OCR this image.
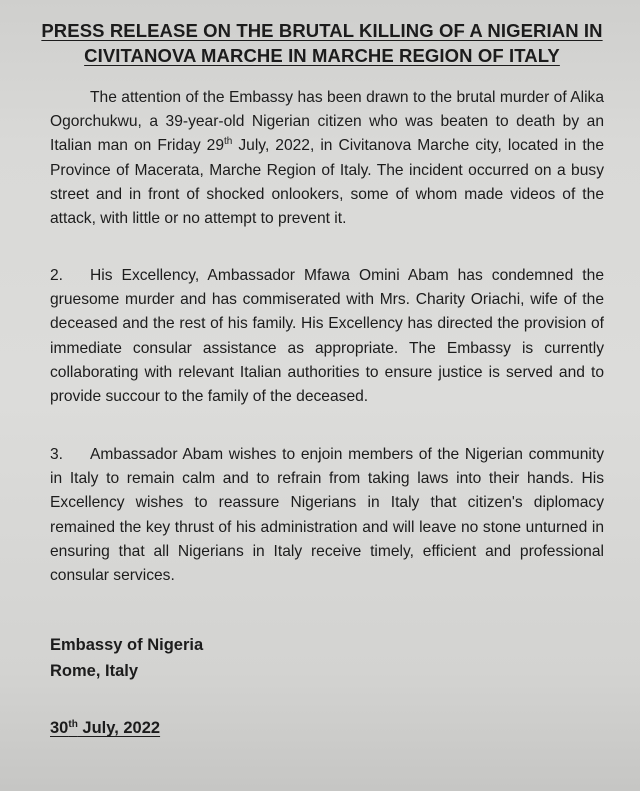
PRESS RELEASE ON THE BRUTAL KILLING OF A NIGERIAN IN
CIVITANOVA MARCHE IN MARCHE REGION OF ITALY

The attention of the Embassy has been drawn to the brutal murder of Alika Ogorchukwu, a 39-year-old Nigerian citizen who was beaten to death by an Italian man on Friday 29th July, 2022, in Civitanova Marche city, located in the Province of Macerata, Marche Region of Italy. The incident occurred on a busy street and in front of shocked onlookers, some of whom made videos of the attack, with little or no attempt to prevent it.

2. His Excellency, Ambassador Mfawa Omini Abam has condemned the gruesome murder and has commiserated with Mrs. Charity Oriachi, wife of the deceased and the rest of his family. His Excellency has directed the provision of immediate consular assistance as appropriate. The Embassy is currently collaborating with relevant Italian authorities to ensure justice is served and to provide succour to the family of the deceased.

3. Ambassador Abam wishes to enjoin members of the Nigerian community in Italy to remain calm and to refrain from taking laws into their hands. His Excellency wishes to reassure Nigerians in Italy that citizen's diplomacy remained the key thrust of his administration and will leave no stone unturned in ensuring that all Nigerians in Italy receive timely, efficient and professional consular services.

Embassy of Nigeria
Rome, Italy
30th July, 2022
